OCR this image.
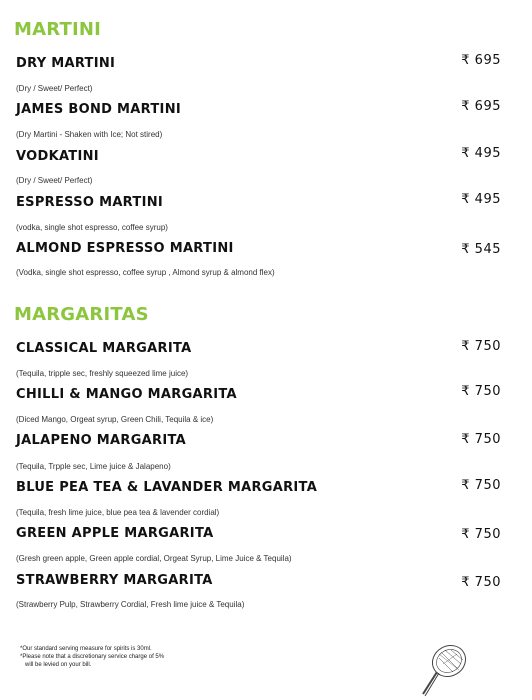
MARTINI
DRY MARTINI	₹ 695
(Dry / Sweet/ Perfect)
JAMES BOND MARTINI	₹ 695
(Dry Martini - Shaken with Ice; Not stired)
VODKATINI	₹ 495
(Dry / Sweet/ Perfect)
ESPRESSO MARTINI	₹ 495
(vodka, single shot espresso, coffee syrup)
ALMOND ESPRESSO MARTINI	₹ 545
(Vodka, single shot espresso, coffee syrup , Almond syrup & almond flex)
MARGARITAS
CLASSICAL MARGARITA	₹ 750
(Tequila, tripple sec, freshly squeezed lime juice)
CHILLI & MANGO MARGARITA	₹ 750
(Diced Mango, Orgeat syrup, Green Chili, Tequila & ice)
JALAPENO MARGARITA	₹ 750
(Tequila, Trpple sec, Lime juice & Jalapeno)
BLUE PEA TEA & LAVANDER MARGARITA	₹ 750
(Tequila, fresh lime juice, blue pea tea & lavender cordial)
GREEN APPLE MARGARITA	₹ 750
(Gresh green apple, Green apple cordial, Orgeat Syrup, Lime Juice & Tequila)
STRAWBERRY MARGARITA	₹ 750
(Strawberry Pulp, Strawberry Cordial, Fresh lime juice & Tequila)
*Our standard serving measure for spirits is 30ml.
*Please note that a discretionary service charge of 5%
will be levied on your bill.
